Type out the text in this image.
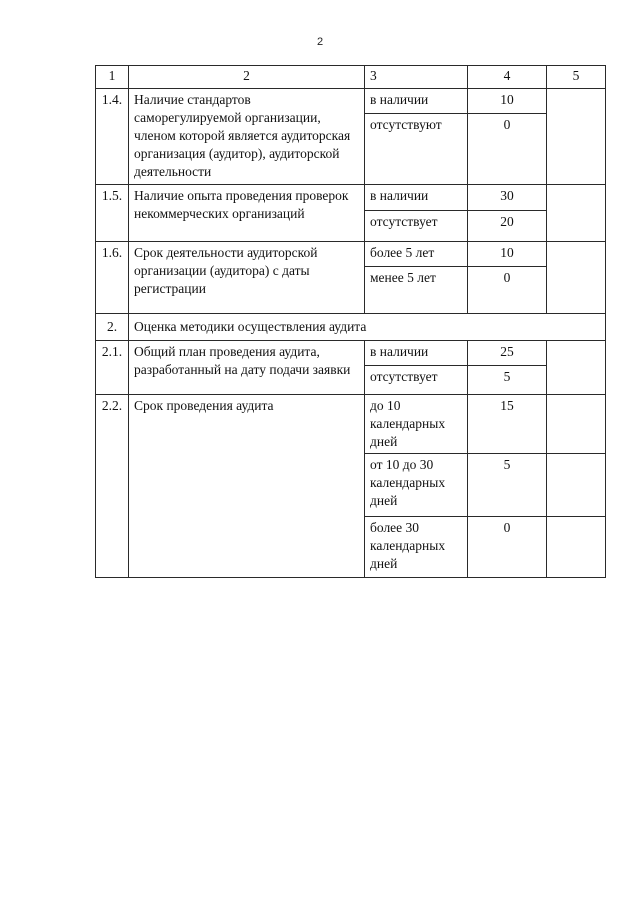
2
1	2	3	4	5
1.4.	Наличие стандартов саморегулируемой организации, членом которой является аудиторская организация (аудитор), аудиторской деятельности	в наличии	10	
		отсутствуют	0	
1.5.	Наличие опыта проведения проверок некоммерческих организаций	в наличии	30	
		отсутствует	20	
1.6.	Срок деятельности аудиторской организации (аудитора) с даты регистрации	более 5 лет	10	
		менее 5 лет	0	
2.	Оценка методики осуществления аудита			
2.1.	Общий план проведения аудита, разработанный на дату подачи заявки	в наличии	25	
		отсутствует	5	
2.2.	Срок проведения аудита	до 10 календарных дней	15	
		от 10 до 30 календарных дней	5	
		более 30 календарных дней	0	
